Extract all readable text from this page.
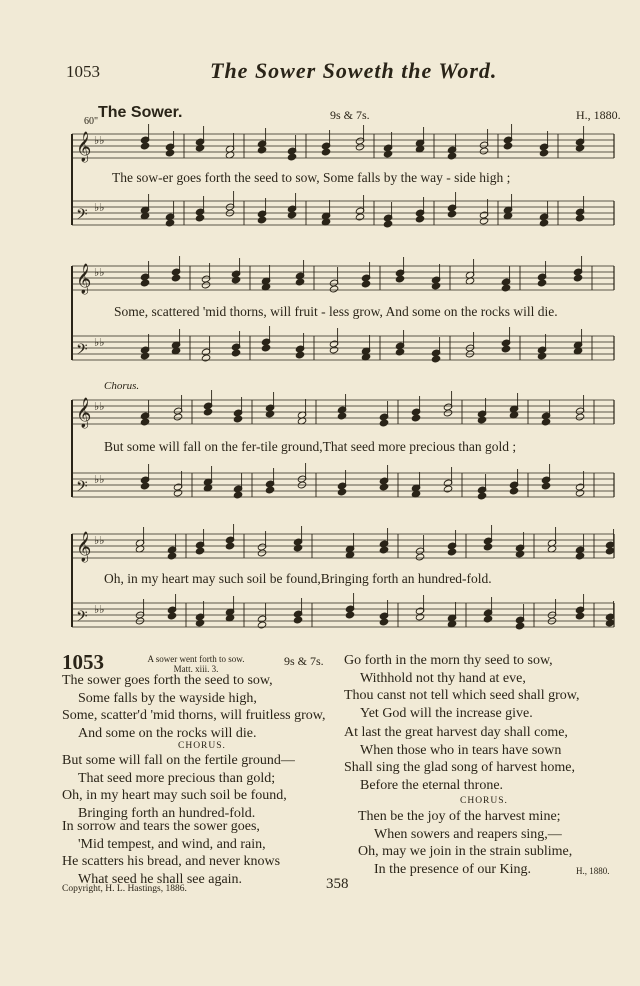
1053	The Sower Soweth the Word.
60"
The Sower.	9s & 7s.	H., 1880.
𝄞 ♭♭
𝄢 ♭♭
𝄞 ♭♭
𝄢 ♭♭
𝄞 ♭♭
𝄢 ♭♭
𝄞 ♭♭
𝄢 ♭♭
The sow-er goes forth the seed to sow, Some falls by the way - side high ;
Some, scattered 'mid thorns, will fruit - less grow, And some on the rocks will die.
Chorus.
But some will fall on the fer-tile ground,That seed more precious than gold ;
Oh, in my heart may such soil be found,Bringing forth an hundred-fold.
1053	A sower went forth to sow.
Matt. xiii. 3.
9s & 7s.
The sower goes forth the seed to sow,
Some falls by the wayside high,
Some, scatter'd 'mid thorns, will fruitless grow,
And some on the rocks will die.
CHORUS.
But some will fall on the fertile ground—
That seed more precious than gold;
Oh, in my heart may such soil be found,
Bringing forth an hundred-fold.
In sorrow and tears the sower goes,
'Mid tempest, and wind, and rain,
He scatters his bread, and never knows
What seed he shall see again.
Go forth in the morn thy seed to sow,
Withhold not thy hand at eve,
Thou canst not tell which seed shall grow,
Yet God will the increase give.
At last the great harvest day shall come,
When those who in tears have sown
Shall sing the glad song of harvest home,
Before the eternal throne.
CHORUS.
Then be the joy of the harvest mine;
When sowers and reapers sing,—
Oh, may we join in the strain sublime,
In the presence of our King.	H., 1880.
Copyright, H. L. Hastings, 1886.	358
